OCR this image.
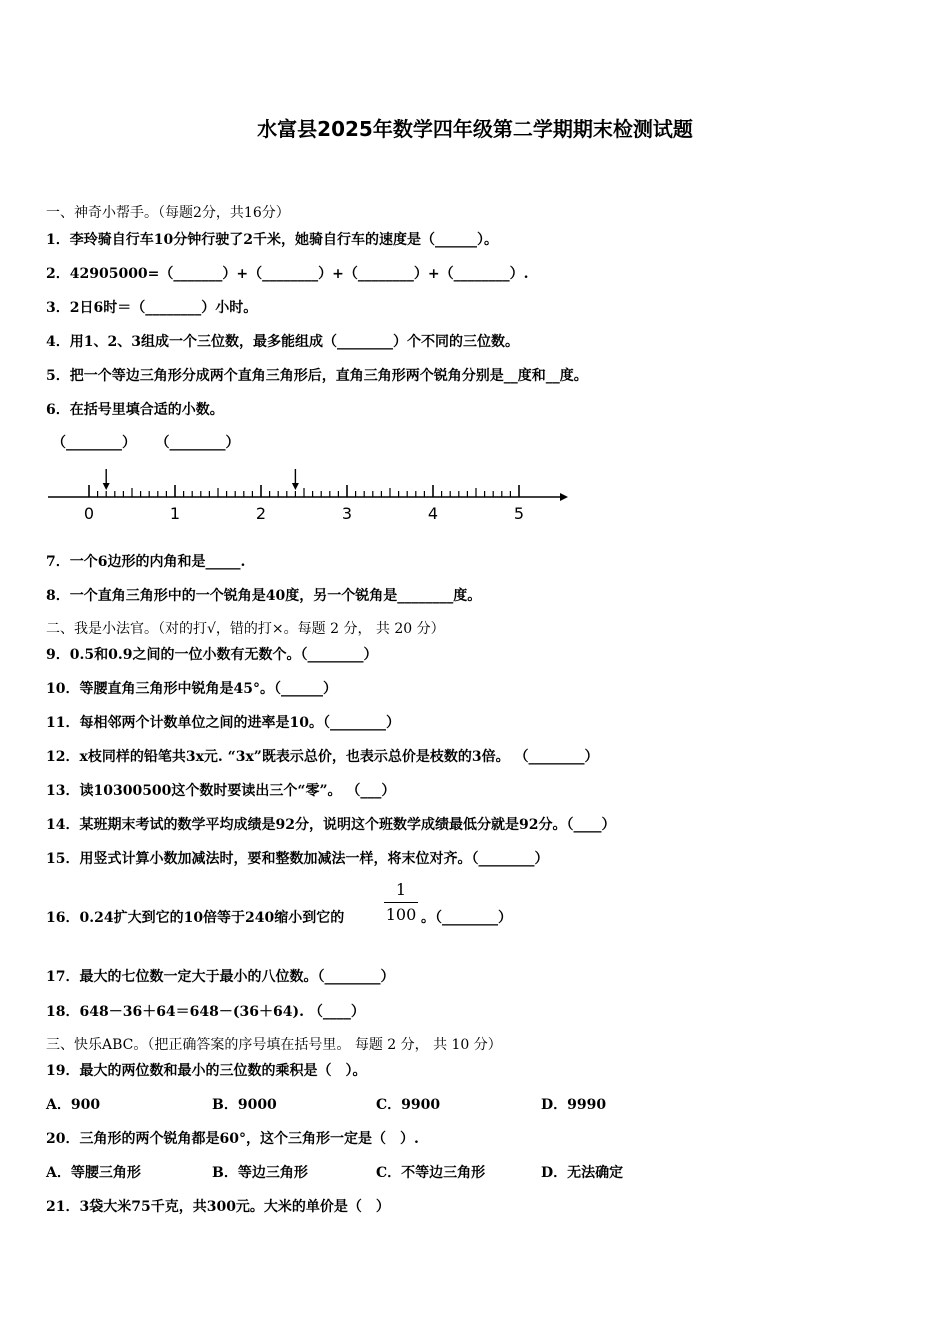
水富县2025年数学四年级第二学期期末检测试题
一、神奇小帮手。（每题2分，共16分）
1．李玲骑自行车10分钟行驶了2千米，她骑自行车的速度是（______）。
2．42905000=（_______）+（________）+（________）+（________）.
3．2日6时＝（________）小时。
4．用1、2、3组成一个三位数，最多能组成（________）个不同的三位数。
5．把一个等边三角形分成两个直角三角形后，直角三角形两个锐角分别是__度和__度。
6．在括号里填合适的小数。
（________）    （________）
0	1	2	3	4	5
7．一个6边形的内角和是_____.
8．一个直角三角形中的一个锐角是40度，另一个锐角是________度。
二、我是小法官。（对的打√，错的打×。每题 2 分， 共 20 分）
9．0.5和0.9之间的一位小数有无数个。（________）
10．等腰直角三角形中锐角是45°。（______）
11．每相邻两个计数单位之间的进率是10。（________）
12．x枝同样的铅笔共3x元. “3x”既表示总价，也表示总价是枝数的3倍。 （________）
13．读10300500这个数时要读出三个“零”。 （___）
14．某班期末考试的数学平均成绩是92分，说明这个班数学成绩最低分就是92分。（____）
15．用竖式计算小数加减法时，要和整数加减法一样，将末位对齐。（________）
16．0.24扩大到它的10倍等于240缩小到它的
1
100 。（________）
17．最大的七位数一定大于最小的八位数。（________）
18．648－36＋64＝648－(36＋64). （____）
三、快乐ABC。（把正确答案的序号填在括号里。 每题 2 分， 共 10 分）
19．最大的两位数和最小的三位数的乘积是（　）。
A．900	B．9000	C．9900	D．9990
20．三角形的两个锐角都是60°，这个三角形一定是（　）.
A．等腰三角形	B．等边三角形	C．不等边三角形	D．无法确定
21．3袋大米75千克，共300元。大米的单价是（　）
